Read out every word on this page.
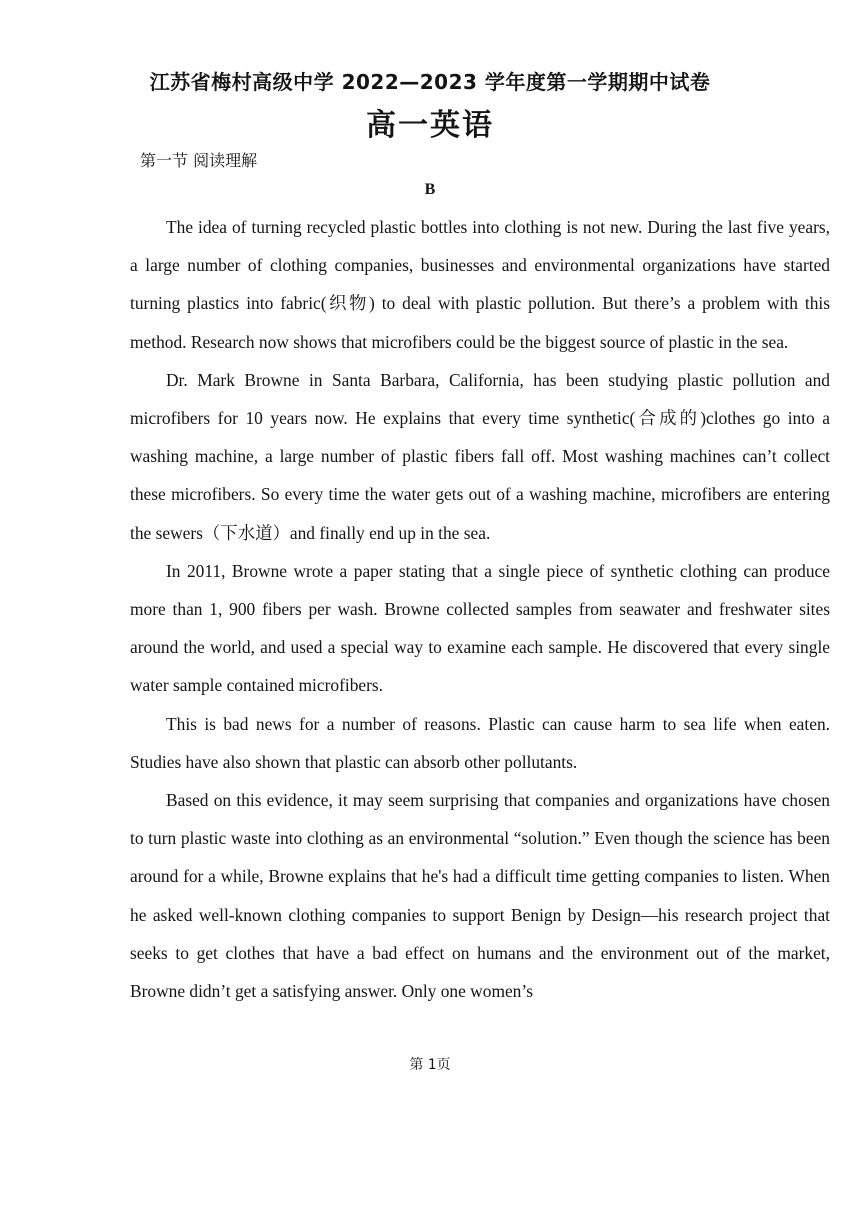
江苏省梅村高级中学 2022—2023 学年度第一学期期中试卷
高一英语
第一节 阅读理解
B

The idea of turning recycled plastic bottles into clothing is not new. During the last five years, a large number of clothing companies, businesses and environmental organizations have started turning plastics into fabric(织物) to deal with plastic pollution. But there’s a problem with this method. Research now shows that microfibers could be the biggest source of plastic in the sea.

Dr. Mark Browne in Santa Barbara, California, has been studying plastic pollution and microfibers for 10 years now. He explains that every time synthetic(合成的)clothes go into a washing machine, a large number of plastic fibers fall off. Most washing machines can’t collect these microfibers. So every time the water gets out of a washing machine, microfibers are entering the sewers（下水道）and finally end up in the sea.

In 2011, Browne wrote a paper stating that a single piece of synthetic clothing can produce more than 1, 900 fibers per wash. Browne collected samples from seawater and freshwater sites around the world, and used a special way to examine each sample. He discovered that every single water sample contained microfibers.

This is bad news for a number of reasons. Plastic can cause harm to sea life when eaten. Studies have also shown that plastic can absorb other pollutants.

Based on this evidence, it may seem surprising that companies and organizations have chosen to turn plastic waste into clothing as an environmental “solution.” Even though the science has been around for a while, Browne explains that he's had a difficult time getting companies to listen. When he asked well-known clothing companies to support Benign by Design—his research project that seeks to get clothes that have a bad effect on humans and the environment out of the market, Browne didn’t get a satisfying answer. Only one women’s

第 1页
